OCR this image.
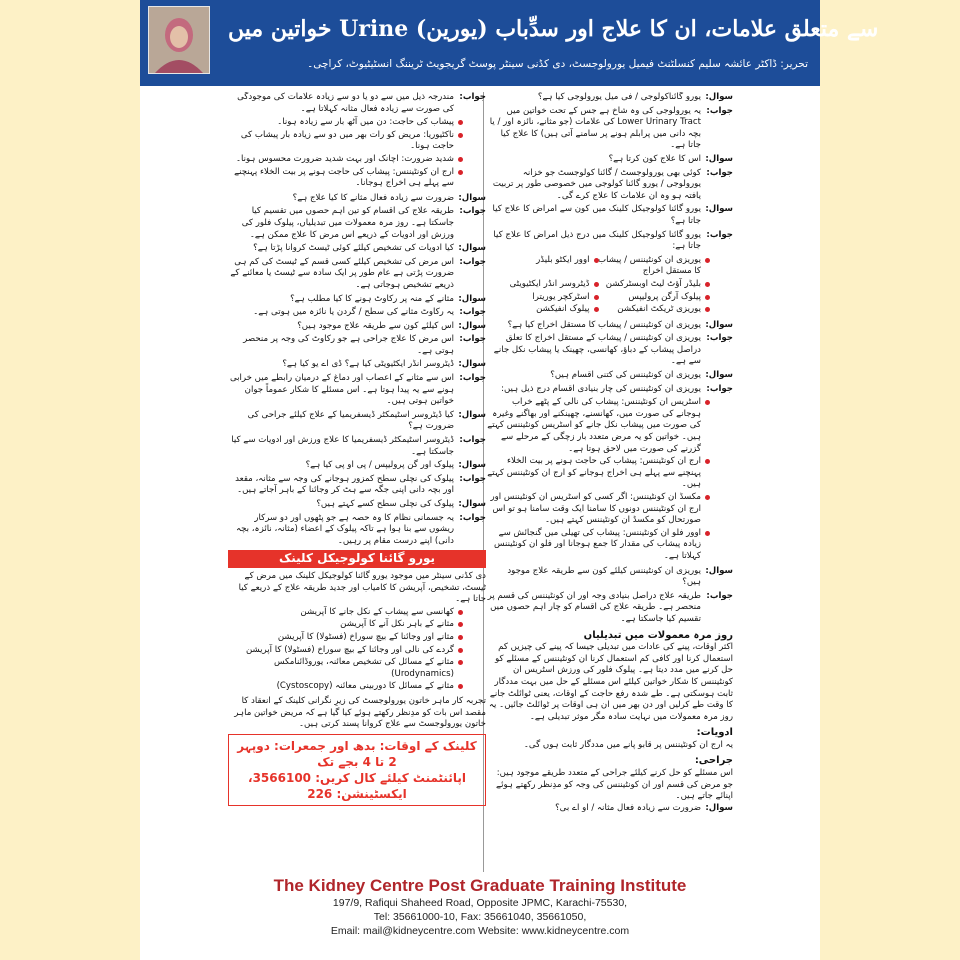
خواتین میں Urine (یورین) سے متعلق علامات، ان کا علاج اور سدِّباب
تحریر: ڈاکٹر عائشہ سلیم کنسلٹنٹ فیمیل یورولوجسٹ، دی کڈنی سینٹر پوسٹ گریجویٹ ٹریننگ انسٹیٹیوٹ، کراچی۔
سوال:
یورو گائناکولوجی / فی میل یورولوجی کیا ہے؟
جواب:
یہ یورولوجی کی وہ شاخ ہے جس کے تحت خواتین میں Lower Urinary Tract کی علامات (جو مثانے، نائزہ اور / یا بچہ دانی میں پرابلم ہونے پر سامنے آتی ہیں) کا علاج کیا جاتا ہے۔
سوال:
اس کا علاج کون کرتا ہے؟
جواب:
کوئی بھی یورولوجسٹ / گائنا کولوجسٹ جو خزانہ یورولوجی / یورو گائنا کولوجی میں خصوصی طور پر تربیت یافتہ ہو وہ ان علامات کا علاج کرے گی۔
سوال:
یورو گائنا کولوجیکل کلینک میں کون سے امراض کا علاج کیا جاتا ہے؟
جواب:
یورو گائنا کولوجیکل کلینک میں درج ذیل امراض کا علاج کیا جاتا ہے:
یوریزی ان کونٹیننس / پیشاب کا مستقل اخراج
اوور ایکٹو بلیڈر
بلیڈر آؤٹ لیٹ اوبسٹرکشن
ڈیٹروسر انڈر ایکٹیویٹی
پیلوک آرگن پرولیپس
اسٹرکچر یوریترا
یوریزی ٹریکٹ انفیکشن
پیلوک انفیکشن
سوال:
یوریزی ان کونٹیننس / پیشاب کا مستقل اخراج کیا ہے؟
جواب:
یوریزی ان کونٹیننس / پیشاب کے مستقل اخراج کا تعلق دراصل پیشاب کے دباؤ، کھانسی، چھینک یا پیشاب نکل جانے سے ہے۔
سوال:
یوریزی ان کونٹیننس کی کتنی اقسام ہیں؟
جواب:
یوریزی ان کونٹیننس کی چار بنیادی اقسام درج ذیل ہیں:
اسٹریس ان کونٹیننس: پیشاب کی نالی کے پٹھے خراب ہوجانے کی صورت میں، کھانسنے، چھینکنے اور بھاگنے وغیرہ کی صورت میں پیشاب نکل جانے کو اسٹریس کونٹیننس کہتے ہیں۔ خواتین کو یہ مرض متعدد بار زچگی کے مرحلے سے گزرنے کی صورت میں لاحق ہوتا ہے۔
ارج ان کونٹیننس: پیشاب کی حاجت ہونے پر بیت الخلاء پہنچنے سے پہلے ہی اخراج ہوجانے کو ارج ان کونٹیننس کہتے ہیں۔
مکسڈ ان کونٹیننس: اگر کسی کو اسٹریس ان کونٹیننس اور ارج ان کونٹیننس دونوں کا سامنا ایک وقت سامنا ہو تو اس صورتحال کو مکسڈ ان کونٹیننس کہتے ہیں۔
اوور فلو ان کونٹیننس: پیشاب کی تھیلی میں گنجائش سے زیادہ پیشاب کی مقدار کا جمع ہوجانا اور فلو ان کونٹیننس کہلاتا ہے۔
سوال:
یوریزی ان کونٹیننس کیلئے کون سے طریقہ علاج موجود ہیں؟
جواب:
طریقہ علاج دراصل بنیادی وجہ اور ان کونٹیننس کی قسم پر منحصر ہے۔ طریقہ علاج کی اقسام کو چار اہم حصوں میں تقسیم کیا جاسکتا ہے۔
روز مرہ معمولات میں تبدیلیاں
اکثر اوقات، پینے کی عادات میں تبدیلی جیسا کہ پینے کی چیزیں کم استعمال کرنا اور کافی کم استعمال کرنا ان کونٹیننس کے مسئلے کو حل کرنے میں مدد دیتا ہے۔ پیلوک فلور کی ورزش اسٹریس ان کونٹیننس کا شکار خواتین کیلئے اس مسئلے کے حل میں بہت مددگار ثابت ہوسکتی ہے۔ طے شدہ رفع حاجت کے اوقات، یعنی ٹوائلٹ جانے کا وقت طے کرلیں اور دن بھر میں ان ہی اوقات پر ٹوائلٹ جائیں۔ یہ روز مرہ معمولات میں نہایت سادہ مگر موثر تبدیلی ہے۔
ادویات:
یہ ارج ان کونٹیننس پر قابو پانے میں مددگار ثابت ہوں گی۔
جراحی:
اس مسئلے کو حل کرنے کیلئے جراحی کے متعدد طریقے موجود ہیں: جو مرض کی قسم اور ان کونٹیننس کی وجہ کو مدِنظر رکھتے ہوئے اپنائے جاتے ہیں۔
سوال:
ضرورت سے زیادہ فعال مثانہ / او اے بی؟
جواب:
مندرجہ ذیل میں سے دو یا دو سے زیادہ علامات کی موجودگی کی صورت سے زیادہ فعال مثانہ کہلاتا ہے۔
پیشاب کی حاجت: دن میں آٹھ بار سے زیادہ ہونا۔
ناکٹیوریا: مریض کو رات بھر میں دو سے زیادہ بار پیشاب کی حاجت ہونا۔
شدید ضرورت: اچانک اور بہت شدید ضرورت محسوس ہونا۔
ارج ان کونٹیننس: پیشاب کی حاجت ہونے پر بیت الخلاء پہنچنے سے پہلے ہی اخراج ہوجانا۔
سوال:
ضرورت سے زیادہ فعال مثانے کا کیا علاج ہے؟
جواب:
طریقہ علاج کی اقسام کو تین اہم حصوں میں تقسیم کیا جاسکتا ہے۔ روز مرہ معمولات میں تبدیلیاں، پیلوک فلور کی ورزش اور ادویات کے ذریعے اس مرض کا علاج ممکن ہے۔
سوال:
کیا ادویات کی تشخیص کیلئے کوئی ٹیسٹ کروانا پڑتا ہے؟
جواب:
اس مرض کی تشخیص کیلئے کسی قسم کے ٹیسٹ کی کم ہی ضرورت پڑتی ہے عام طور پر ایک سادہ سے ٹیسٹ یا معائنے کے ذریعے تشخیص ہوجاتی ہے۔
سوال:
مثانے کے منہ پر رکاوٹ ہونے کا کیا مطلب ہے؟
جواب:
یہ رکاوٹ مثانے کی سطح / گردن یا نائزہ میں ہوتی ہے۔
سوال:
اس کیلئے کون سے طریقہ علاج موجود ہیں؟
جواب:
اس مرض کا علاج جراحی ہے جو رکاوٹ کی وجہ پر منحصر ہوتی ہے۔
سوال:
ڈیٹروسر انڈر ایکٹیویٹی کیا ہے؟ ڈی اے یو کیا ہے؟
جواب:
اس سے مثانے کے اعصاب اور دماغ کے درمیان رابطے میں خرابی ہونے سے یہ پیدا ہوتا ہے۔ اس مسئلے کا شکار عموماً جوان خواتین ہوتی ہیں۔
سوال:
کیا ڈیٹروسر اسٹیمکٹر ڈیسفریمیا کے علاج کیلئے جراحی کی ضرورت ہے؟
جواب:
ڈیٹروسر اسٹیمکٹر ڈیسفریمیا کا علاج ورزش اور ادویات سے کیا جاسکتا ہے۔
سوال:
پیلوک اور گن پرولیپس / پی او پی کیا ہے؟
جواب:
پیلوک کی نچلی سطح کمزور ہوجانے کی وجہ سے مثانہ، مقعد اور بچہ دانی اپنی جگہ سے ہٹ کر وجائنا کے باہر آجاتے ہیں۔
سوال:
پیلوک کی نچلی سطح کسے کہتے ہیں؟
جواب:
یہ جسمانی نظام کا وہ حصہ ہے جو پٹھوں اور دو سرکار ریشوں سے بنا ہوا ہے تاکہ پیلوک کے اعضاء (مثانہ، نائزہ، بچہ دانی) اپنے درست مقام پر رہیں۔
یورو گائنا کولوجیکل کلینک
دی کڈنی سینٹر میں موجود یورو گائنا کولوجیکل کلینک میں مرض کے ٹیسٹ، تشخیص، آپریشن کا کامیاب اور جدید طریقہ علاج کے ذریعے کیا جاتا ہے۔
کھانسی سے پیشاب کے نکل جانے کا آپریشن
مثانے کے باہر نکل آنے کا آپریشن
مثانے اور وجائنا کے بیچ سوراخ (فسٹولا) کا آپریشن
گردے کی نالی اور وجائنا کے بیچ سوراخ (فسٹولا) کا آپریشن
مثانے کے مسائل کی تشخیص معائنہ، یوروڈائنامکس (Urodynamics)
مثانے کے مسائل کا دوربینی معائنہ (Cystoscopy)
تجربہ کار ماہر خاتون یورولوجسٹ کی زیرِ نگرانی کلینک کے انعقاد کا مقصد اس بات کو مدِنظر رکھتے ہوئے کیا گیا ہے کہ مریض خواتین ماہر خاتون یورولوجسٹ سے علاج کروانا پسند کرتی ہیں۔
کلینک کے اوقات: بدھ اور جمعرات: دوپہر 2 تا 4 بجے تک
اپائنٹمنٹ کیلئے کال کریں: 3566100، ایکسٹینشن: 226
The Kidney Centre Post Graduate Training Institute
197/9, Rafiqui Shaheed Road, Opposite JPMC, Karachi-75530,
Tel: 35661000-10, Fax: 35661040, 35661050,
Email: mail@kidneycentre.com Website: www.kidneycentre.com
